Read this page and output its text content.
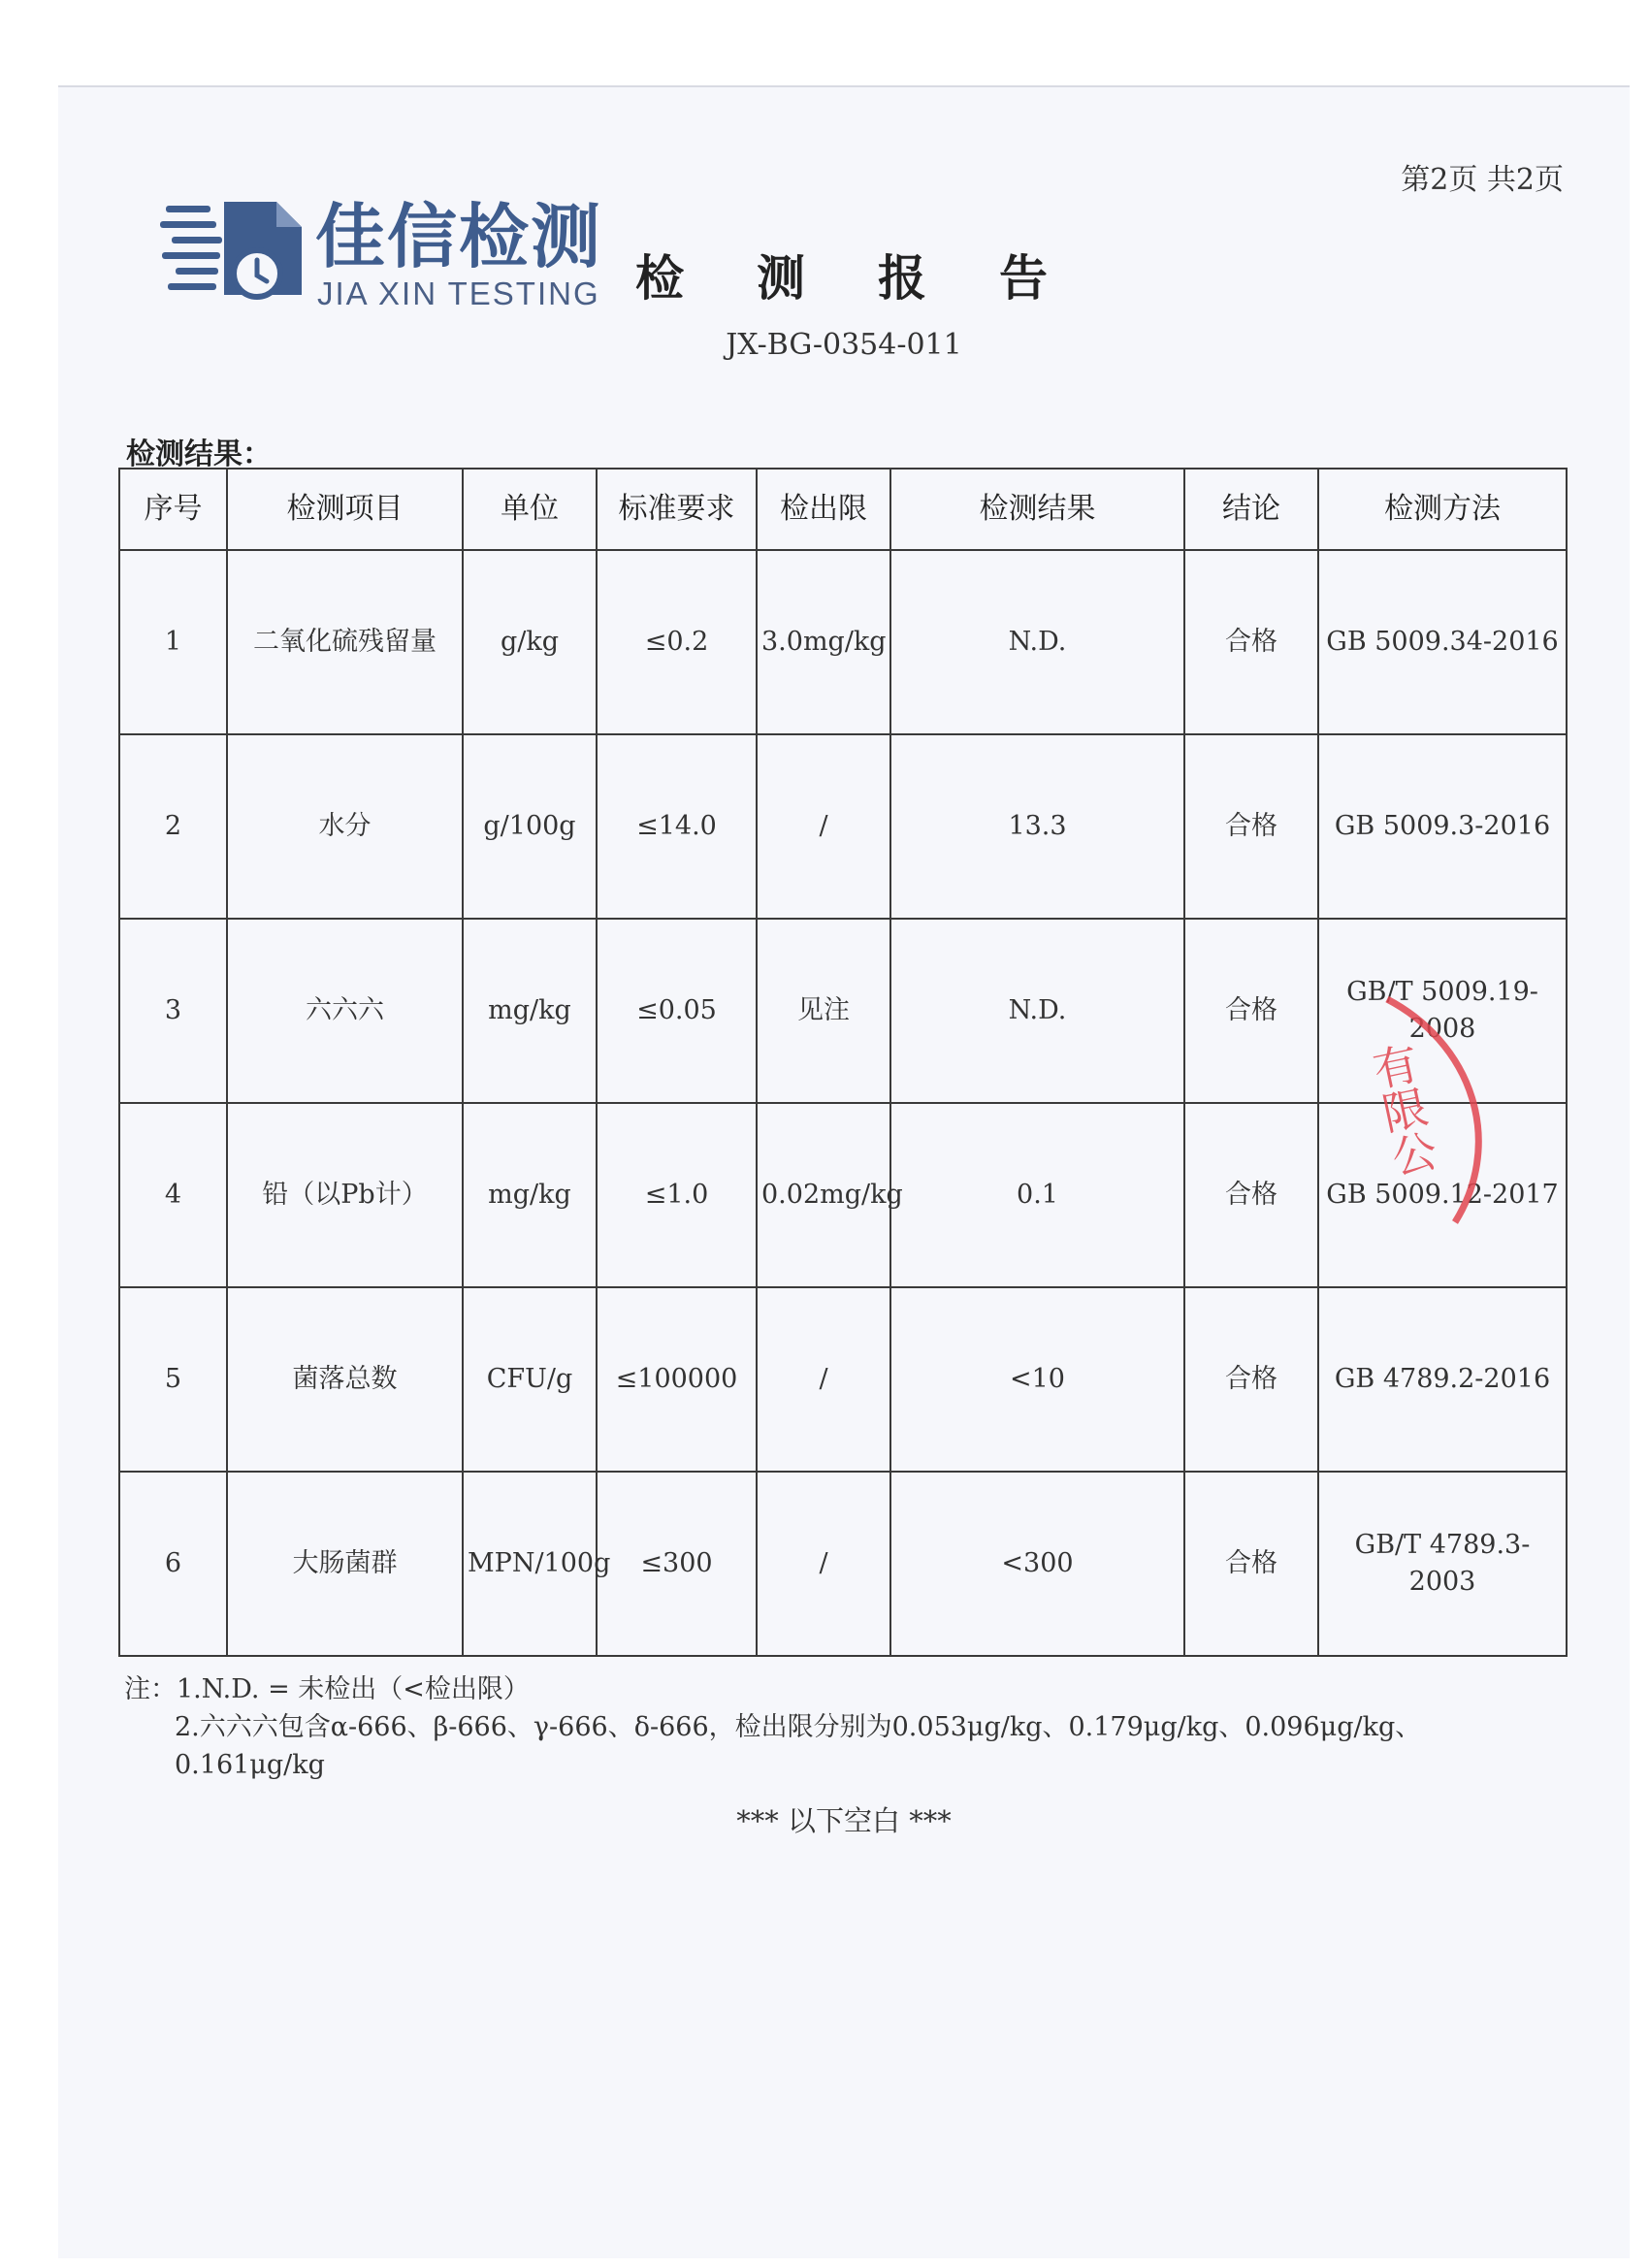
第2页 共2页
佳信检测
JIA XIN TESTING 检测报告
JX-BG-0354-011
检测结果：
序号	检测项目	单位	标准要求	检出限	检测结果	结论	检测方法
1	二氧化硫残留量	g/kg	≤0.2	3.0mg/kg	N.D.	合格	GB 5009.34-2016
2	水分	g/100g	≤14.0	/	13.3	合格	GB 5009.3-2016
3	六六六	mg/kg	≤0.05	见注	N.D.	合格	GB/T 5009.19-2008
4	铅（以Pb计）	mg/kg	≤1.0	0.02mg/kg	0.1	合格	GB 5009.12-2017
5	菌落总数	CFU/g	≤100000	/	<10	合格	GB 4789.2-2016
6	大肠菌群	MPN/100g	≤300	/	<300	合格	GB/T 4789.3-2003
有限公
注：1.N.D. = 未检出（<检出限）
2.六六六包含α-666、β-666、γ-666、δ-666，检出限分别为0.053μg/kg、0.179μg/kg、0.096μg/kg、0.161μg/kg
*** 以下空白 ***
